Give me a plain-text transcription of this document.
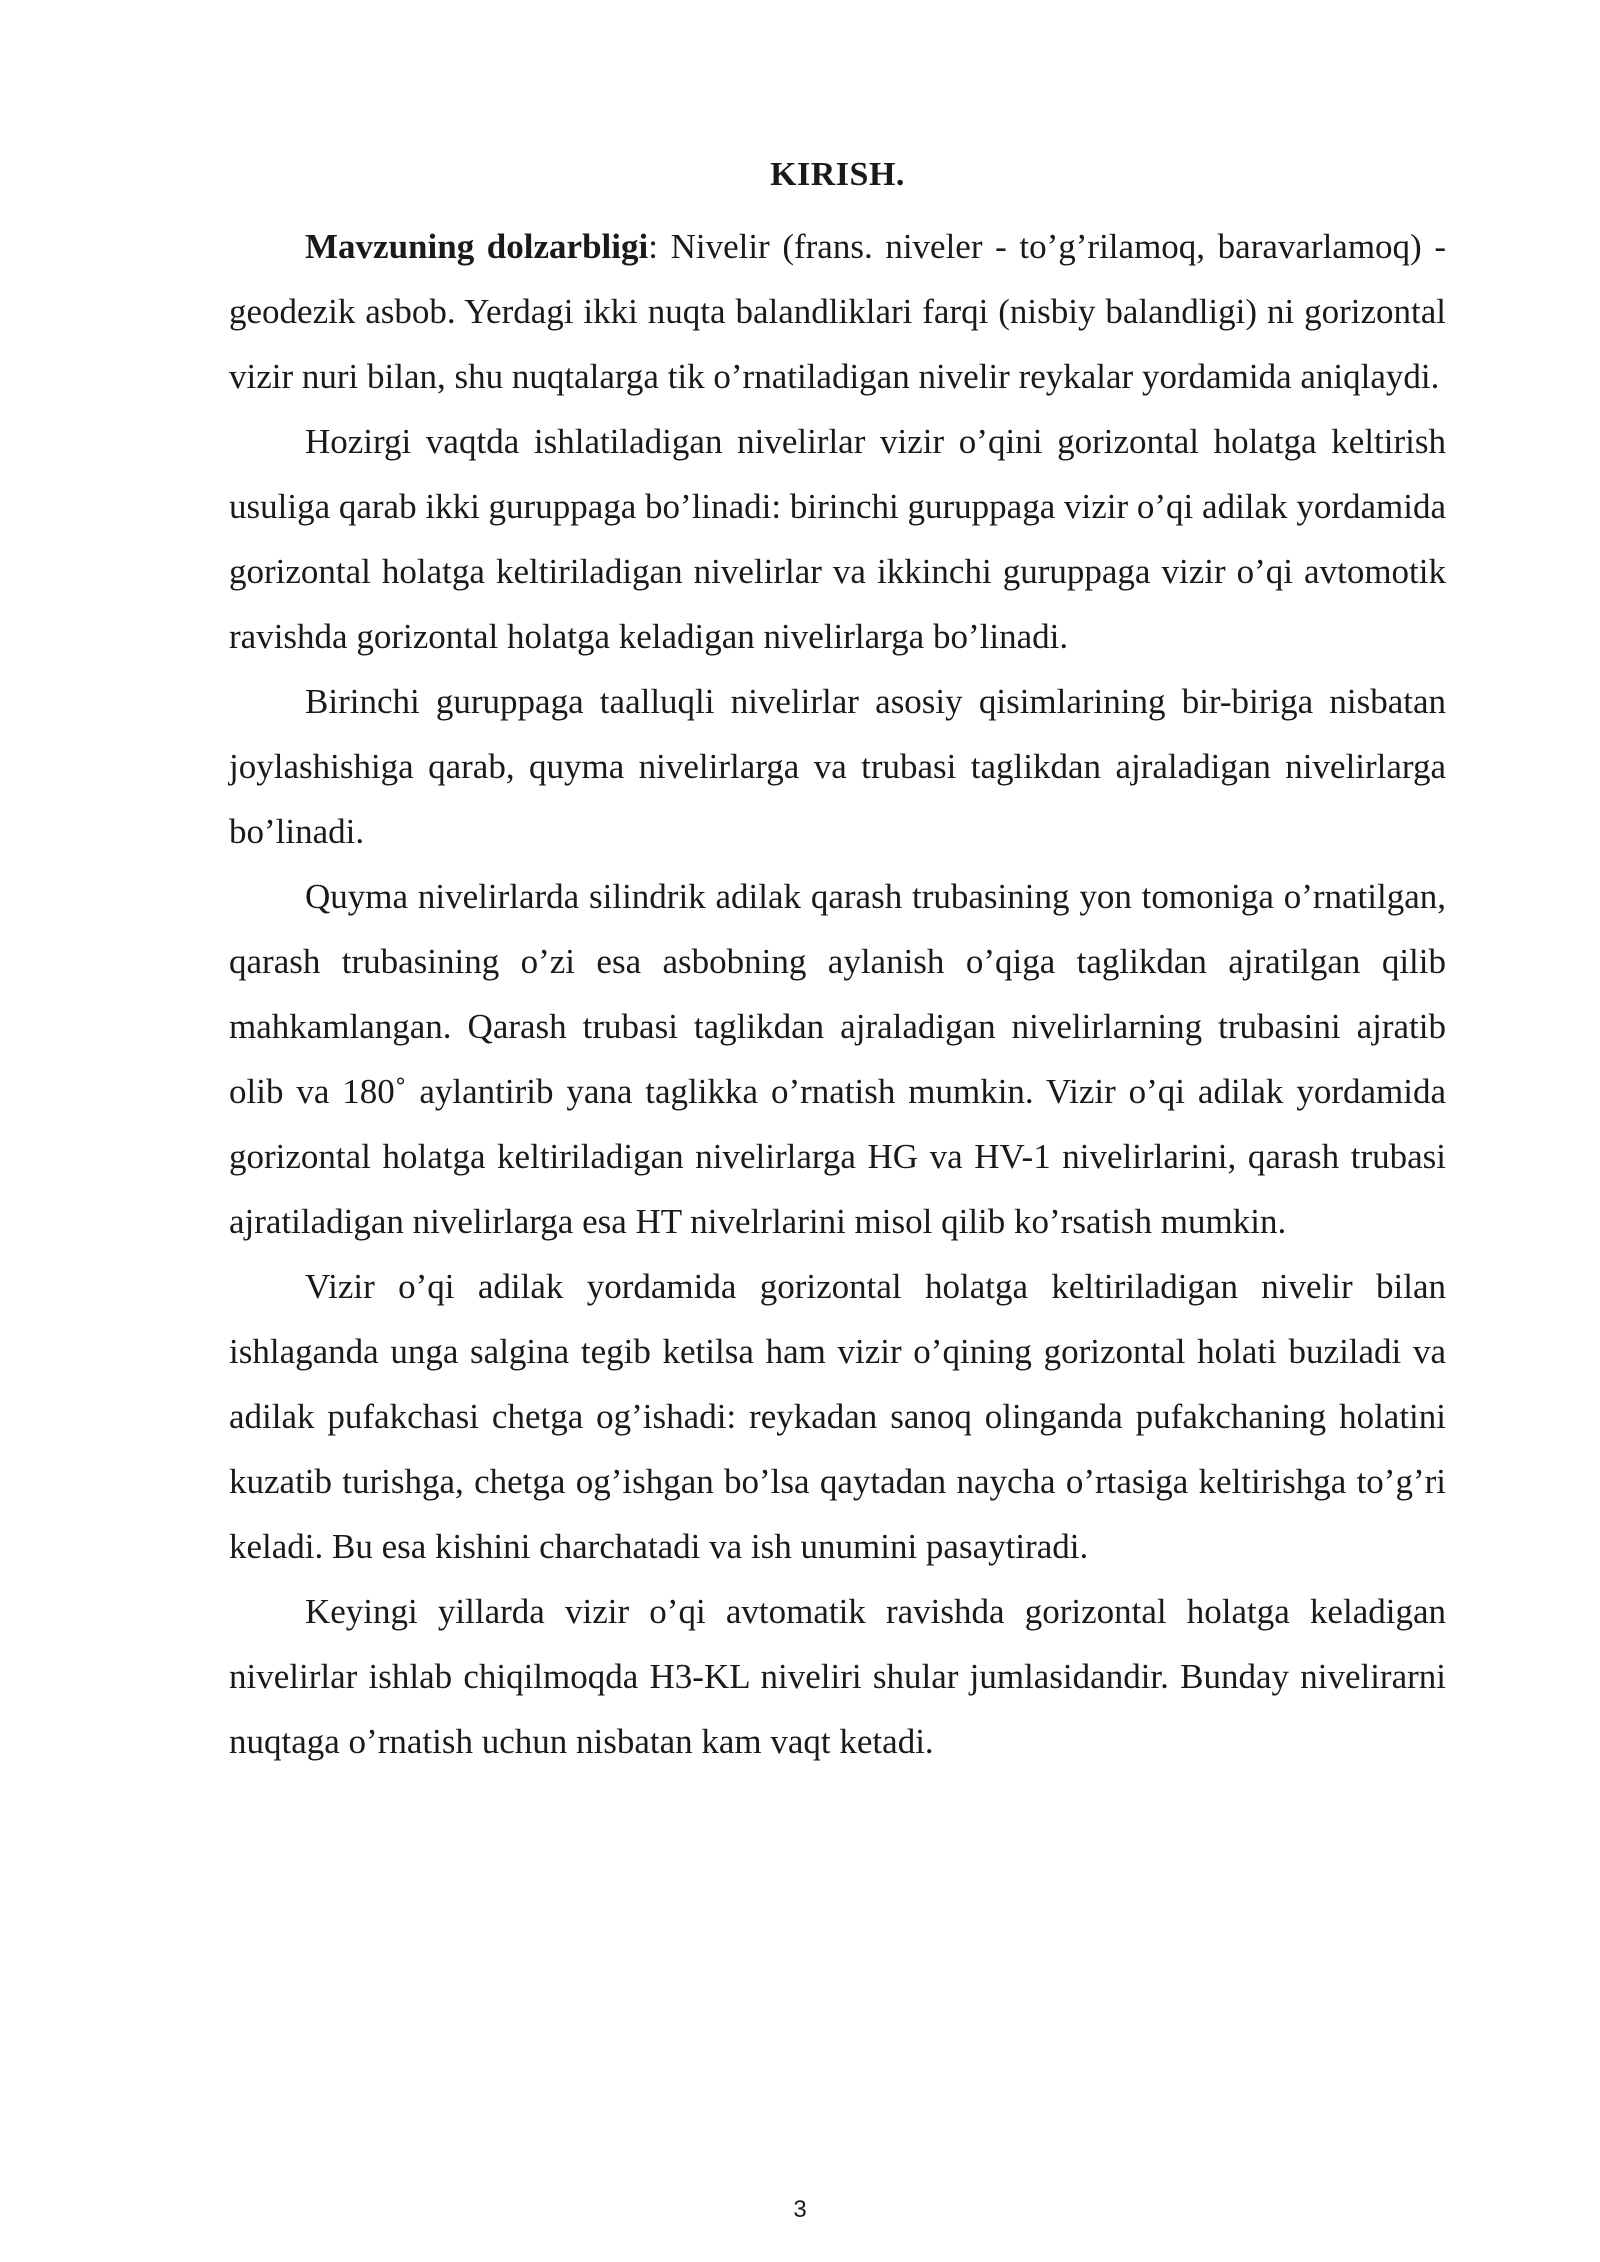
KIRISH.

Mavzuning dolzarbligi: Nivelir (frans. niveler - to’g’rilamoq, baravarlamoq) - geodezik asbob. Yerdagi ikki nuqta balandliklari farqi (nisbiy balandligi) ni gorizontal vizir nuri bilan, shu nuqtalarga tik o’rnatiladigan nivelir reykalar yordamida aniqlaydi.

Hozirgi vaqtda ishlatiladigan nivelirlar vizir o’qini gorizontal holatga keltirish usuliga qarab ikki guruppaga bo’linadi: birinchi guruppaga vizir o’qi adilak yordamida gorizontal holatga keltiriladigan nivelirlar va ikkinchi guruppaga vizir o’qi avtomotik ravishda gorizontal holatga keladigan nivelirlarga bo’linadi.

Birinchi guruppaga taalluqli nivelirlar asosiy qisimlarining bir-biriga nisbatan joylashishiga qarab, quyma nivelirlarga va trubasi taglikdan ajraladigan nivelirlarga bo’linadi.

Quyma nivelirlarda silindrik adilak qarash trubasining yon tomoniga o’rnatilgan, qarash trubasining o’zi esa asbobning aylanish o’qiga taglikdan ajratilgan qilib mahkamlangan. Qarash trubasi taglikdan ajraladigan nivelirlarning trubasini ajratib olib va 180˚ aylantirib yana taglikka o’rnatish mumkin. Vizir o’qi adilak yordamida gorizontal holatga keltiriladigan nivelirlarga HG va HV-1 nivelirlarini, qarash trubasi ajratiladigan nivelirlarga esa HT nivelrlarini misol qilib ko’rsatish mumkin.

Vizir o’qi adilak yordamida gorizontal holatga keltiriladigan nivelir bilan ishlaganda unga salgina tegib ketilsa ham vizir o’qining gorizontal holati buziladi va adilak pufakchasi chetga og’ishadi: reykadan sanoq olinganda pufakchaning holatini kuzatib turishga, chetga og’ishgan bo’lsa qaytadan naycha o’rtasiga keltirishga to’g’ri keladi. Bu esa kishini charchatadi va ish unumini pasaytiradi.

Keyingi yillarda vizir o’qi avtomatik ravishda gorizontal holatga keladigan nivelirlar ishlab chiqilmoqda H3-KL niveliri shular jumlasidandir. Bunday nivelirarni nuqtaga o’rnatish uchun nisbatan kam vaqt ketadi.

3
